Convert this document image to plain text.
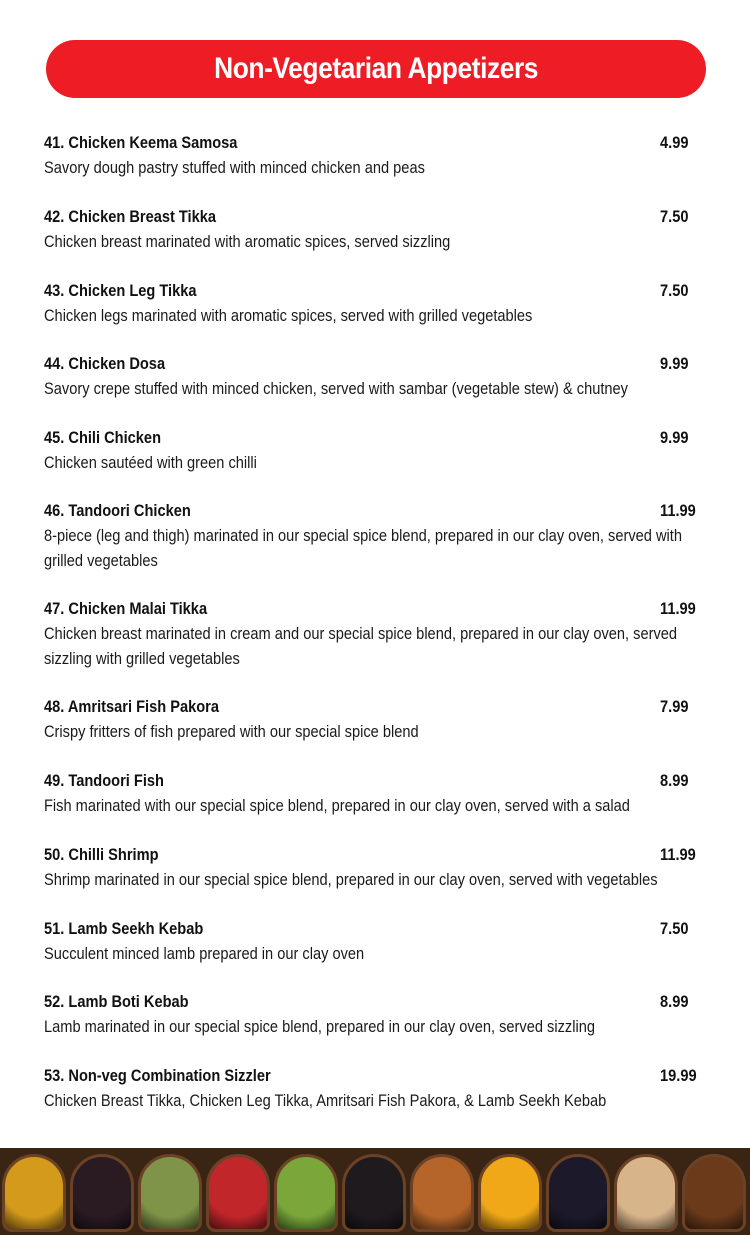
Non-Vegetarian Appetizers
41. Chicken Keema Samosa	4.99
Savory dough pastry stuffed with minced chicken and peas
42. Chicken Breast Tikka	7.50
Chicken breast marinated with aromatic spices, served sizzling
43. Chicken Leg Tikka	7.50
Chicken legs marinated with aromatic spices, served with grilled vegetables
44. Chicken Dosa	9.99
Savory crepe stuffed with minced chicken, served with sambar (vegetable stew) & chutney
45. Chili Chicken	9.99
Chicken sautéed with green chilli
46. Tandoori Chicken	11.99
8-piece (leg and thigh) marinated in our special spice blend, prepared in our clay oven, served with grilled vegetables
47. Chicken Malai Tikka	11.99
Chicken breast marinated in cream and our special spice blend, prepared in our clay oven, served sizzling with grilled vegetables
48. Amritsari Fish Pakora	7.99
Crispy fritters of fish prepared with our special spice blend
49. Tandoori Fish	8.99
Fish marinated with our special spice blend, prepared in our clay oven, served with a salad
50. Chilli Shrimp	11.99
Shrimp marinated in our special spice blend, prepared in our clay oven, served with vegetables
51. Lamb Seekh Kebab	7.50
Succulent minced lamb prepared in our clay oven
52. Lamb Boti Kebab	8.99
Lamb marinated in our special spice blend, prepared in our clay oven, served sizzling
53. Non-veg Combination Sizzler	19.99
Chicken Breast Tikka, Chicken Leg Tikka, Amritsari Fish Pakora, & Lamb Seekh Kebab
